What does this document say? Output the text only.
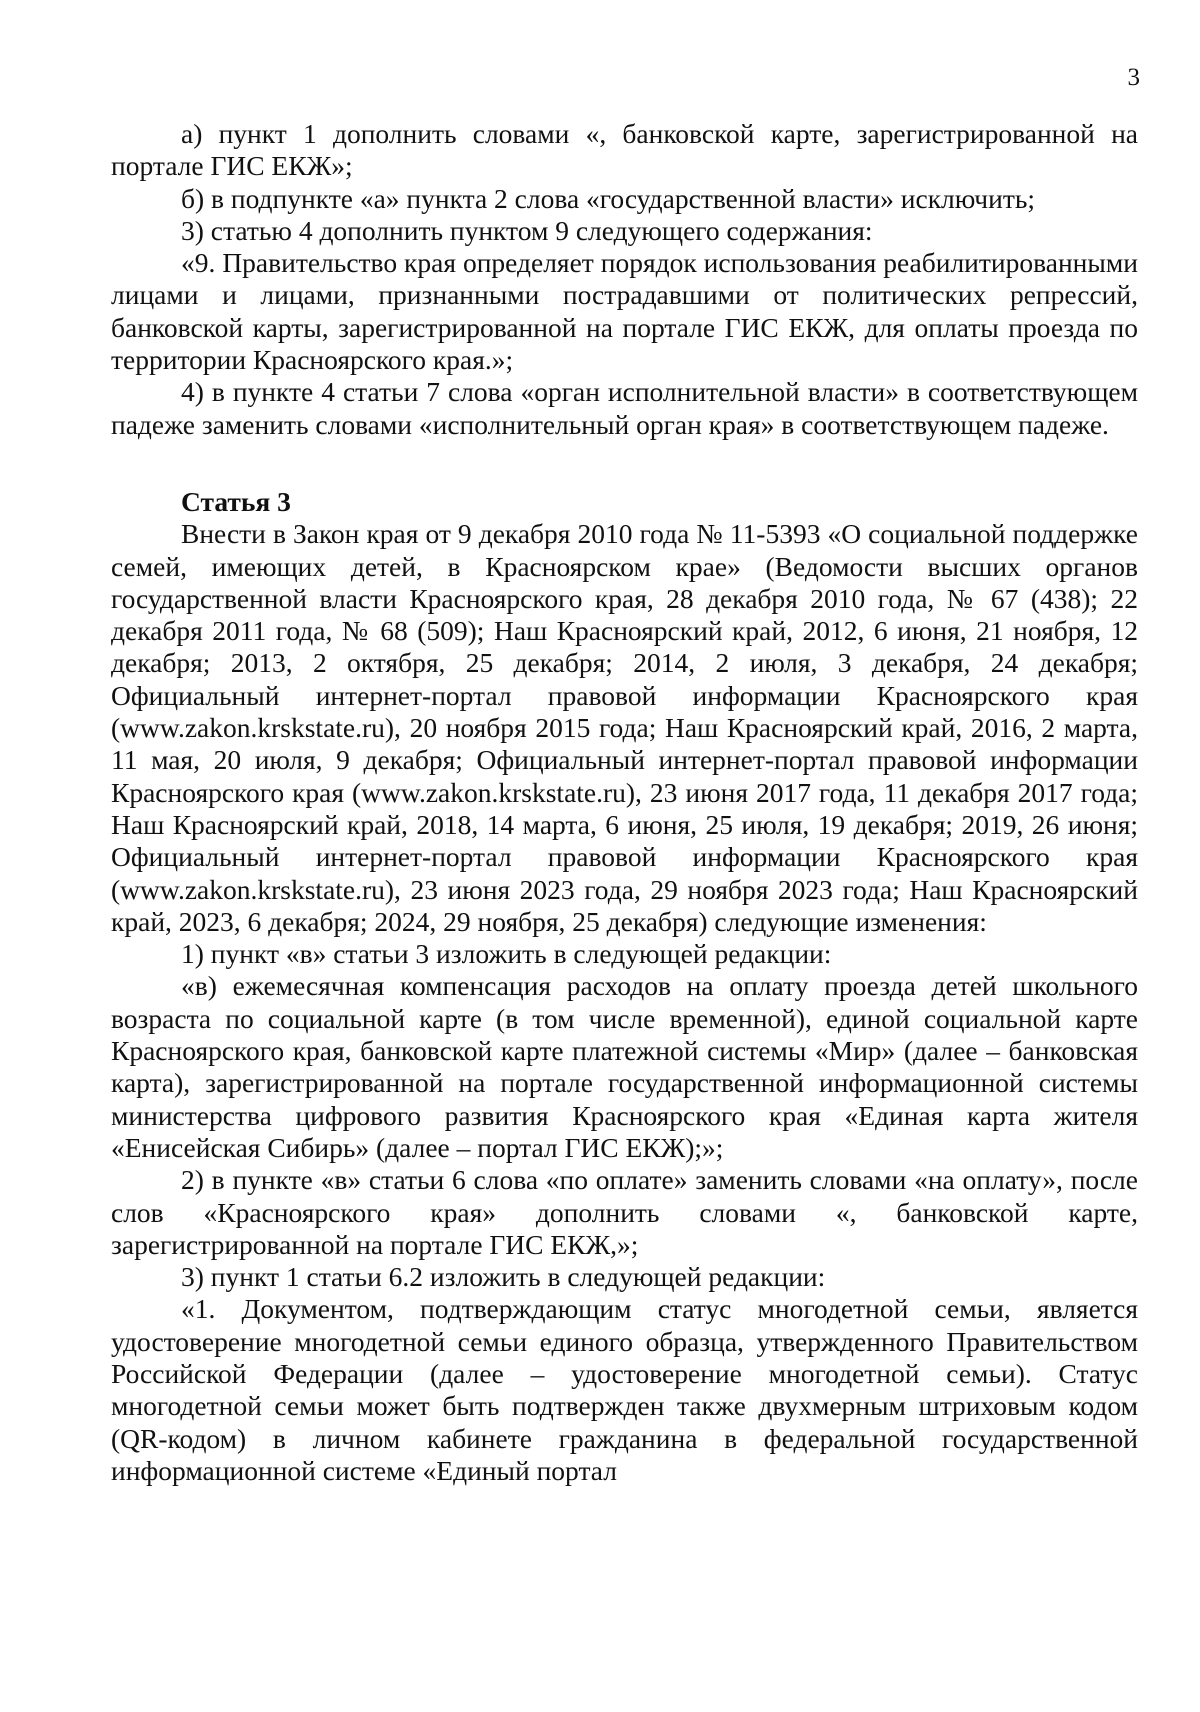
3

а) пункт 1 дополнить словами «, банковской карте, зарегистрированной на портале ГИС ЕКЖ»;

б) в подпункте «а» пункта 2 слова «государственной власти» исключить;

3) статью 4 дополнить пунктом 9 следующего содержания:

«9. Правительство края определяет порядок использования реабилитированными лицами и лицами, признанными пострадавшими от политических репрессий, банковской карты, зарегистрированной на портале ГИС ЕКЖ, для оплаты проезда по территории Красноярского края.»;

4) в пункте 4 статьи 7 слова «орган исполнительной власти» в соответствующем падеже заменить словами «исполнительный орган края» в соответствующем падеже.

Статья 3

Внести в Закон края от 9 декабря 2010 года № 11-5393 «О социальной поддержке семей, имеющих детей, в Красноярском крае» (Ведомости высших органов государственной власти Красноярского края, 28 декабря 2010 года, № 67 (438); 22 декабря 2011 года, № 68 (509); Наш Красноярский край, 2012, 6 июня, 21 ноября, 12 декабря; 2013, 2 октября, 25 декабря; 2014, 2 июля, 3 декабря, 24 декабря; Официальный интернет-портал правовой информации Красноярского края (www.zakon.krskstate.ru), 20 ноября 2015 года; Наш Красноярский край, 2016, 2 марта, 11 мая, 20 июля, 9 декабря; Официальный интернет-портал правовой информации Красноярского края (www.zakon.krskstate.ru), 23 июня 2017 года, 11 декабря 2017 года; Наш Красноярский край, 2018, 14 марта, 6 июня, 25 июля, 19 декабря; 2019, 26 июня; Официальный интернет-портал правовой информации Красноярского края (www.zakon.krskstate.ru), 23 июня 2023 года, 29 ноября 2023 года; Наш Красноярский край, 2023, 6 декабря; 2024, 29 ноября, 25 декабря) следующие изменения:

1) пункт «в» статьи 3 изложить в следующей редакции:

«в) ежемесячная компенсация расходов на оплату проезда детей школьного возраста по социальной карте (в том числе временной), единой социальной карте Красноярского края, банковской карте платежной системы «Мир» (далее – банковская карта), зарегистрированной на портале государственной информационной системы министерства цифрового развития Красноярского края «Единая карта жителя «Енисейская Сибирь» (далее – портал ГИС ЕКЖ);»;

2) в пункте «в» статьи 6 слова «по оплате» заменить словами «на оплату», после слов «Красноярского края» дополнить словами «, банковской карте, зарегистрированной на портале ГИС ЕКЖ,»;

3) пункт 1 статьи 6.2 изложить в следующей редакции:

«1. Документом, подтверждающим статус многодетной семьи, является удостоверение многодетной семьи единого образца, утвержденного Правительством Российской Федерации (далее – удостоверение многодетной семьи). Статус многодетной семьи может быть подтвержден также двухмерным штриховым кодом (QR-кодом) в личном кабинете гражданина в федеральной государственной информационной системе «Единый портал
